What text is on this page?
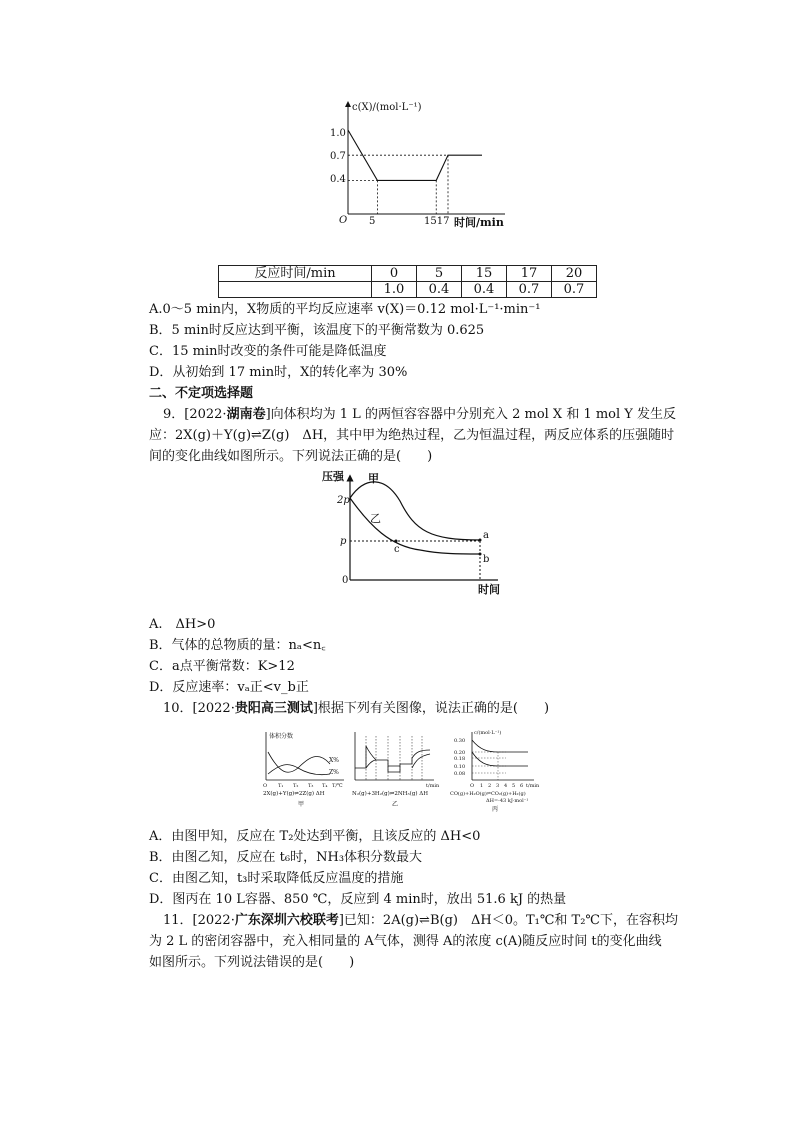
c(X)/(mol·L⁻¹)
时间/min
O
1.0
0.7
0.4
5	1517
反应时间/min	0	5	15	17	20
	1.0	0.4	0.4	0.7	0.7
A.0～5 min内，X物质的平均反应速率 v(X)＝0.12 mol·L⁻¹·min⁻¹
B．5 min时反应达到平衡，该温度下的平衡常数为 0.625
C．15 min时改变的条件可能是降低温度
D．从初始到 17 min时，X的转化率为 30%
二、不定项选择题
9．[2022·湖南卷]向体积均为 1 L 的两恒容容器中分别充入 2 mol X 和 1 mol Y 发生反
应：2X(g)＋Y(g)⇌Z(g)　ΔH，其中甲为绝热过程，乙为恒温过程，两反应体系的压强随时
间的变化曲线如图所示。下列说法正确的是(　　)
压强
时间
2p
p
0
甲
乙
a
b
c
A.　ΔH>0
B．气体的总物质的量：nₐ<n꜀
C．a点平衡常数：K>12
D．反应速率：vₐ正<v_b正
10．[2022·贵阳高三测试]根据下列有关图像，说法正确的是(　　)
体积分数
X%
Z%
O T₁ T₂ T₃ T₄ T/℃
2X(g)+Y(g)⇌2Z(g) ΔH
甲
t/min
N₂(g)+3H₂(g)⇌2NH₃(g) ΔH
乙
c/(mol·L⁻¹)
0.30
0.20
0.18
0.10
0.08
O 1 2 3 4 5 6 t/min
CO(g)+H₂O(g)⇌CO₂(g)+H₂(g)
ΔH=-43 kJ·mol⁻¹
丙
A．由图甲知，反应在 T₂处达到平衡，且该反应的 ΔH<0
B．由图乙知，反应在 t₆时，NH₃体积分数最大
C．由图乙知，t₃时采取降低反应温度的措施
D．图丙在 10 L容器、850 ℃，反应到 4 min时，放出 51.6 kJ 的热量
11．[2022·广东深圳六校联考]已知：2A(g)⇌B(g)　ΔH＜0。T₁℃和 T₂℃下，在容积均
为 2 L 的密闭容器中，充入相同量的 A气体，测得 A的浓度 c(A)随反应时间 t的变化曲线
如图所示。下列说法错误的是(　　)
